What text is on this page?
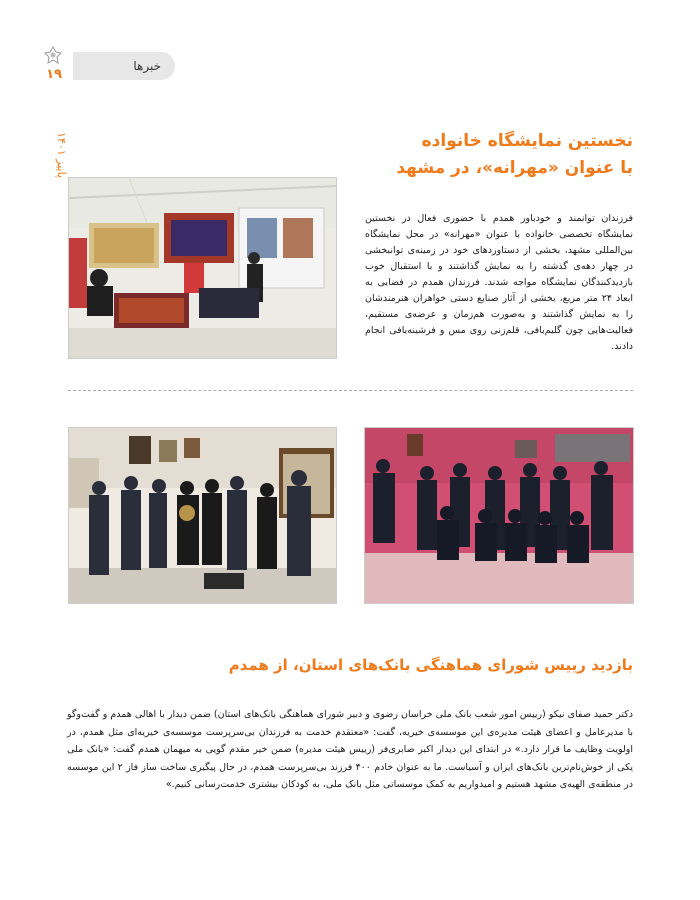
۱۹
پاییز ۱۴۰۱
خبرها
نخستین نمایشگاه خانواده
با عنوان «مهرانه»، در مشهد
فرزندان توانمند و خودباور همدم با حضوری فعال در نخستین نمایشگاه تخصصی خانواده با عنوان «مهرانه» در محل نمایشگاه بین‌المللی مشهد، بخشی از دستاوردهای خود در زمینه‌ی توانبخشی در چهار دهه‌ی گذشته را به نمایش گذاشتند و با استقبال خوب بازدیدکنندگان نمایشگاه مواجه شدند. فرزندان همدم در فضایی به ابعاد ۲۴ متر مربع، بخشی از آثار صنایع دستی خواهران هنرمندشان را به نمایش گذاشتند و به‌صورت هم‌زمان و عرضه‌ی مستقیم، فعالیت‌هایی چون گلیم‌بافی، قلم‌زنی روی مس و فرشینه‌بافی انجام دادند.
بازدید رییس شورای هماهنگی بانک‌های استان، از همدم
دکتر حمید صفای نیکو (رییس امور شعب بانک ملی خراسان رضوی و دبیر شورای هماهنگی بانک‌های استان) ضمن دیدار با اهالی همدم و گفت‌وگو با مدیرعامل و اعضای هیئت مدیره‌ی این موسسه‌ی خیریه، گفت: «معتقدم خدمت به فرزندان بی‌سرپرست موسسه‌ی خیریه‌ای مثل همدم، در اولویت وظایف ما قرار دارد.» در ابتدای این دیدار اکبر صابری‌فر (رییس هیئت مدیره) ضمن خیر مقدم گویی به میهمان همدم گفت: «بانک ملی یکی از خوش‌نام‌ترین بانک‌های ایران و آسیاست. ما به عنوان خادم ۴۰۰ فرزند بی‌سرپرست همدم، در حال پیگیری ساخت ساز فاز ۲ این موسسه در منطقه‌ی الهیه‌ی مشهد هستیم و امیدواریم به کمک موسساتی مثل بانک ملی، به کودکان بیشتری خدمت‌رسانی کنیم.»
